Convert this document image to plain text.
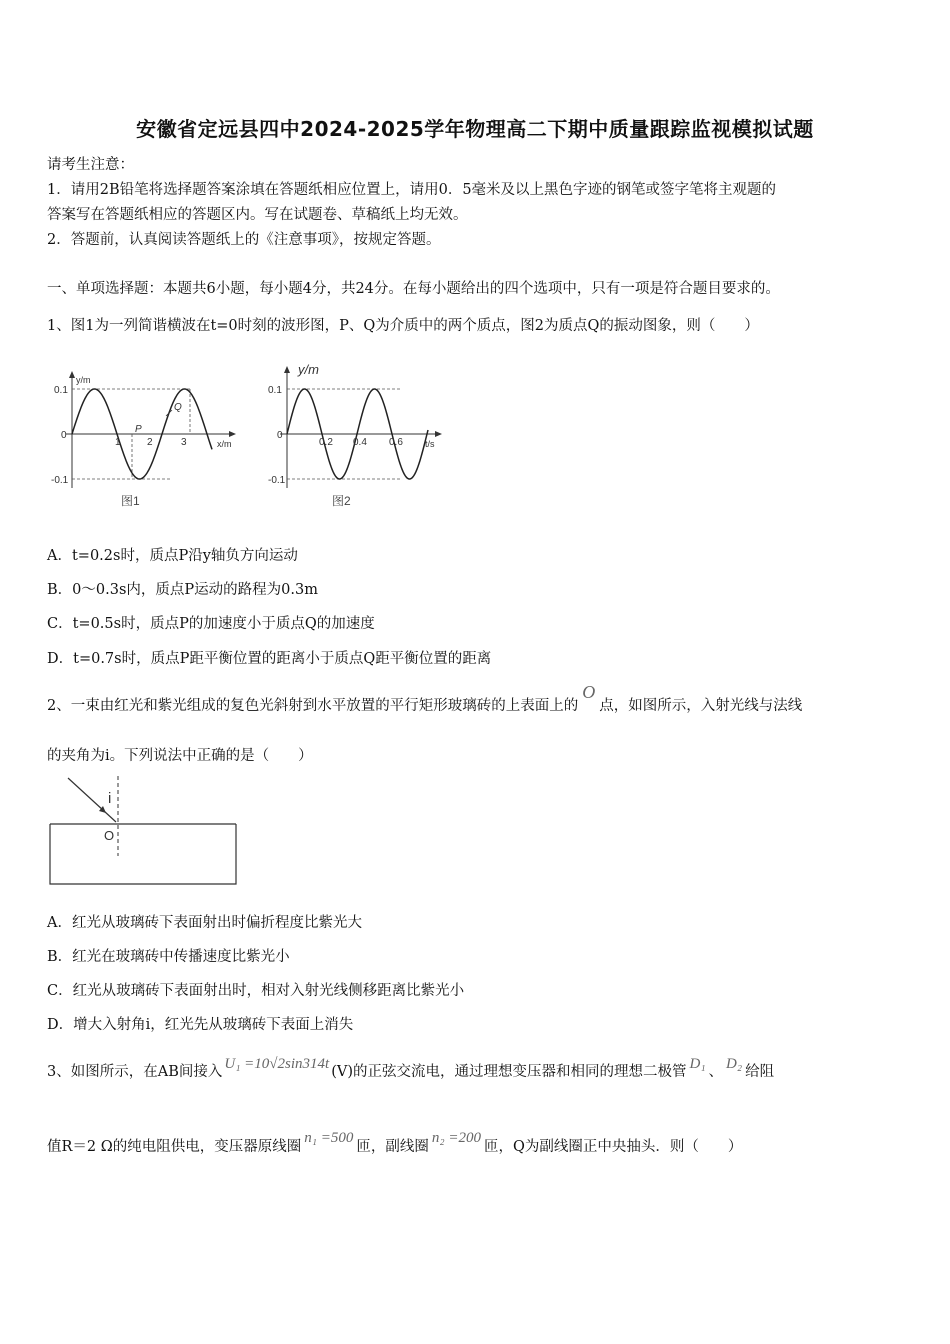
安徽省定远县四中2024-2025学年物理高二下期中质量跟踪监视模拟试题
请考生注意：
1．请用2B铅笔将选择题答案涂填在答题纸相应位置上，请用0．5毫米及以上黑色字迹的钢笔或签字笔将主观题的
答案写在答题纸相应的答题区内。写在试题卷、草稿纸上均无效。
2．答题前，认真阅读答题纸上的《注意事项》，按规定答题。
一、单项选择题：本题共6小题，每小题4分，共24分。在每小题给出的四个选项中，只有一项是符合题目要求的。
1、图1为一列简谐横波在t=0时刻的波形图，P、Q为介质中的两个质点，图2为质点Q的振动图象，则（　　）
y/m
0.1
-0.1
0
1	2	3	x/m
P
Q
图1
y/m
0.1
-0.1
0
0.2 0.4 0.6 t/s
图2
A．t=0.2s时，质点P沿y轴负方向运动
B．0～0.3s内，质点P运动的路程为0.3m
C．t=0.5s时，质点P的加速度小于质点Q的加速度
D．t=0.7s时，质点P距平衡位置的距离小于质点Q距平衡位置的距离
2、一束由红光和紫光组成的复色光斜射到水平放置的平行矩形玻璃砖的上表面上的O点，如图所示，入射光线与法线
的夹角为i。下列说法中正确的是（　　）
i
O
A．红光从玻璃砖下表面射出时偏折程度比紫光大
B．红光在玻璃砖中传播速度比紫光小
C．红光从玻璃砖下表面射出时，相对入射光线侧移距离比紫光小
D．增大入射角i，红光先从玻璃砖下表面上消失
3、如图所示，在AB间接入 U₁ =10√2sin314t (V)的正弦交流电，通过理想变压器和相同的理想二极管 D₁ 、 D₂ 给阻
值R＝2 Ω的纯电阻供电，变压器原线圈n₁ =500匝，副线圈n₂ =200匝，Q为副线圈正中央抽头．则（　　）
